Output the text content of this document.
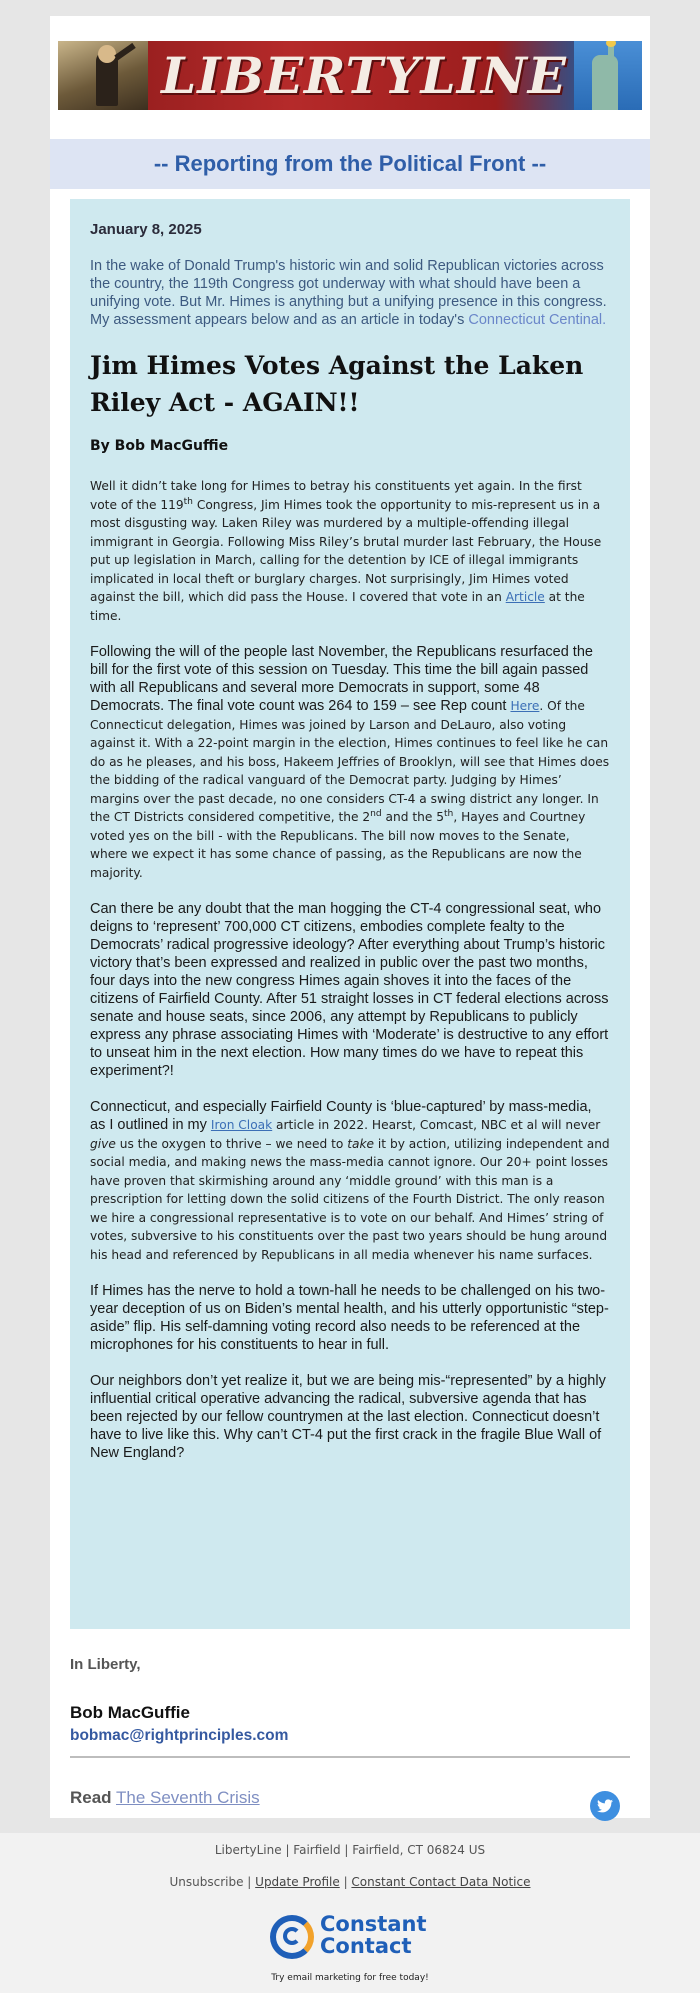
LIBERTYLINE
-- Reporting from the Political Front --
January 8, 2025

In the wake of Donald Trump's historic win and solid Republican victories across the country, the 119th Congress got underway with what should have been a unifying vote. But Mr. Himes is anything but a unifying presence in this congress. My assessment appears below and as an article in today's Connecticut Centinal.

Jim Himes Votes Against the Laken Riley Act - AGAIN!!
By Bob MacGuffie

Well it didn’t take long for Himes to betray his constituents yet again. In the first vote of the 119th Congress, Jim Himes took the opportunity to mis-represent us in a most disgusting way. Laken Riley was murdered by a multiple-offending illegal immigrant in Georgia. Following Miss Riley’s brutal murder last February, the House put up legislation in March, calling for the detention by ICE of illegal immigrants implicated in local theft or burglary charges. Not surprisingly, Jim Himes voted against the bill, which did pass the House. I covered that vote in an Article at the time.

Following the will of the people last November, the Republicans resurfaced the bill for the first vote of this session on Tuesday. This time the bill again passed with all Republicans and several more Democrats in support, some 48 Democrats. The final vote count was 264 to 159 – see Rep count Here. Of the Connecticut delegation, Himes was joined by Larson and DeLauro, also voting against it. With a 22-point margin in the election, Himes continues to feel like he can do as he pleases, and his boss, Hakeem Jeffries of Brooklyn, will see that Himes does the bidding of the radical vanguard of the Democrat party. Judging by Himes’ margins over the past decade, no one considers CT-4 a swing district any longer. In the CT Districts considered competitive, the 2nd and the 5th, Hayes and Courtney voted yes on the bill - with the Republicans. The bill now moves to the Senate, where we expect it has some chance of passing, as the Republicans are now the majority.

Can there be any doubt that the man hogging the CT-4 congressional seat, who deigns to ‘represent’ 700,000 CT citizens, embodies complete fealty to the Democrats’ radical progressive ideology? After everything about Trump’s historic victory that’s been expressed and realized in public over the past two months, four days into the new congress Himes again shoves it into the faces of the citizens of Fairfield County. After 51 straight losses in CT federal elections across senate and house seats, since 2006, any attempt by Republicans to publicly express any phrase associating Himes with ‘Moderate’ is destructive to any effort to unseat him in the next election. How many times do we have to repeat this experiment?!

Connecticut, and especially Fairfield County is ‘blue-captured’ by mass-media, as I outlined in my Iron Cloak article in 2022. Hearst, Comcast, NBC et al will never give us the oxygen to thrive – we need to take it by action, utilizing independent and social media, and making news the mass-media cannot ignore. Our 20+ point losses have proven that skirmishing around any ‘middle ground’ with this man is a prescription for letting down the solid citizens of the Fourth District. The only reason we hire a congressional representative is to vote on our behalf. And Himes’ string of votes, subversive to his constituents over the past two years should be hung around his head and referenced by Republicans in all media whenever his name surfaces.

If Himes has the nerve to hold a town-hall he needs to be challenged on his two-year deception of us on Biden’s mental health, and his utterly opportunistic “step-aside” flip. His self-damning voting record also needs to be referenced at the microphones for his constituents to hear in full.

Our neighbors don’t yet realize it, but we are being mis-“represented” by a highly influential critical operative advancing the radical, subversive agenda that has been rejected by our fellow countrymen at the last election. Connecticut doesn’t have to live like this. Why can’t CT-4 put the first crack in the fragile Blue Wall of New England?

In Liberty,
Bob MacGuffie
bobmac@rightprinciples.com
Read The Seventh Crisis
LibertyLine | Fairfield | Fairfield, CT 06824 US
Unsubscribe | Update Profile | Constant Contact Data Notice
Constant
Contact
Try email marketing for free today!
